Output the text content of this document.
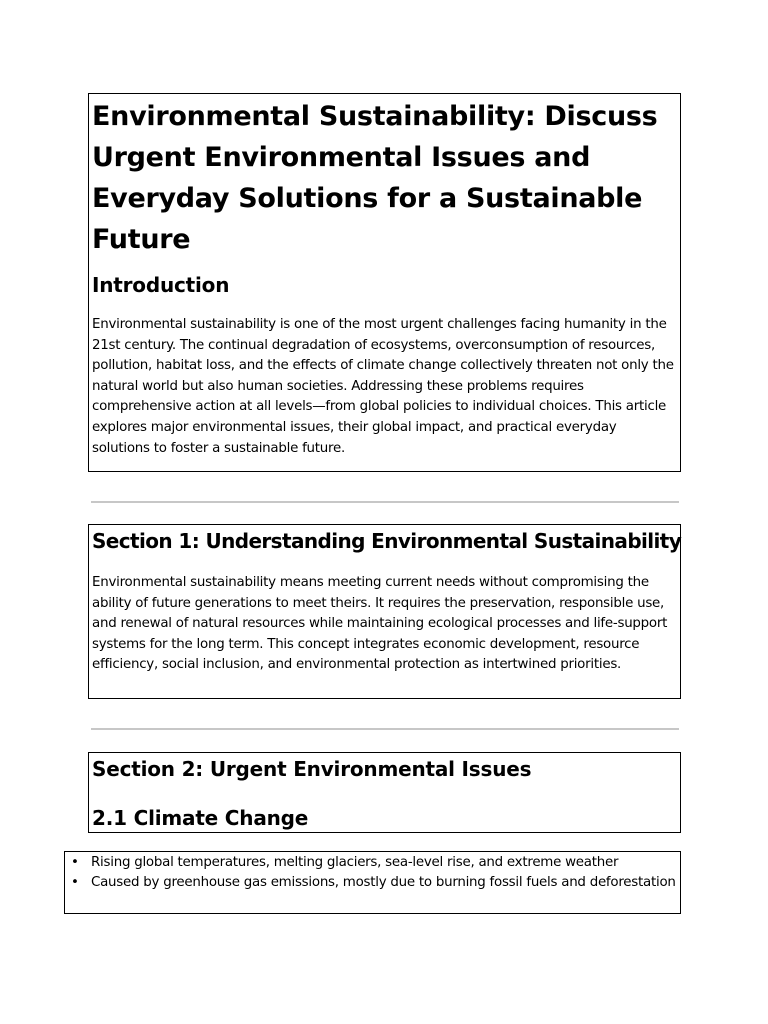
Environmental Sustainability: Discuss Urgent Environmental Issues and Everyday Solutions for a Sustainable Future
Introduction

Environmental sustainability is one of the most urgent challenges facing humanity in the 21st century. The continual degradation of ecosystems, overconsumption of resources, pollution, habitat loss, and the effects of climate change collectively threaten not only the natural world but also human societies. Addressing these problems requires comprehensive action at all levels—from global policies to individual choices. This article explores major environmental issues, their global impact, and practical everyday solutions to foster a sustainable future.

Section 1: Understanding Environmental Sustainability

Environmental sustainability means meeting current needs without compromising the ability of future generations to meet theirs. It requires the preservation, responsible use, and renewal of natural resources while maintaining ecological processes and life-support systems for the long term. This concept integrates economic development, resource efficiency, social inclusion, and environmental protection as intertwined priorities.

Section 2: Urgent Environmental Issues
2.1 Climate Change
• Rising global temperatures, melting glaciers, sea-level rise, and extreme weather
• Caused by greenhouse gas emissions, mostly due to burning fossil fuels and deforestation
